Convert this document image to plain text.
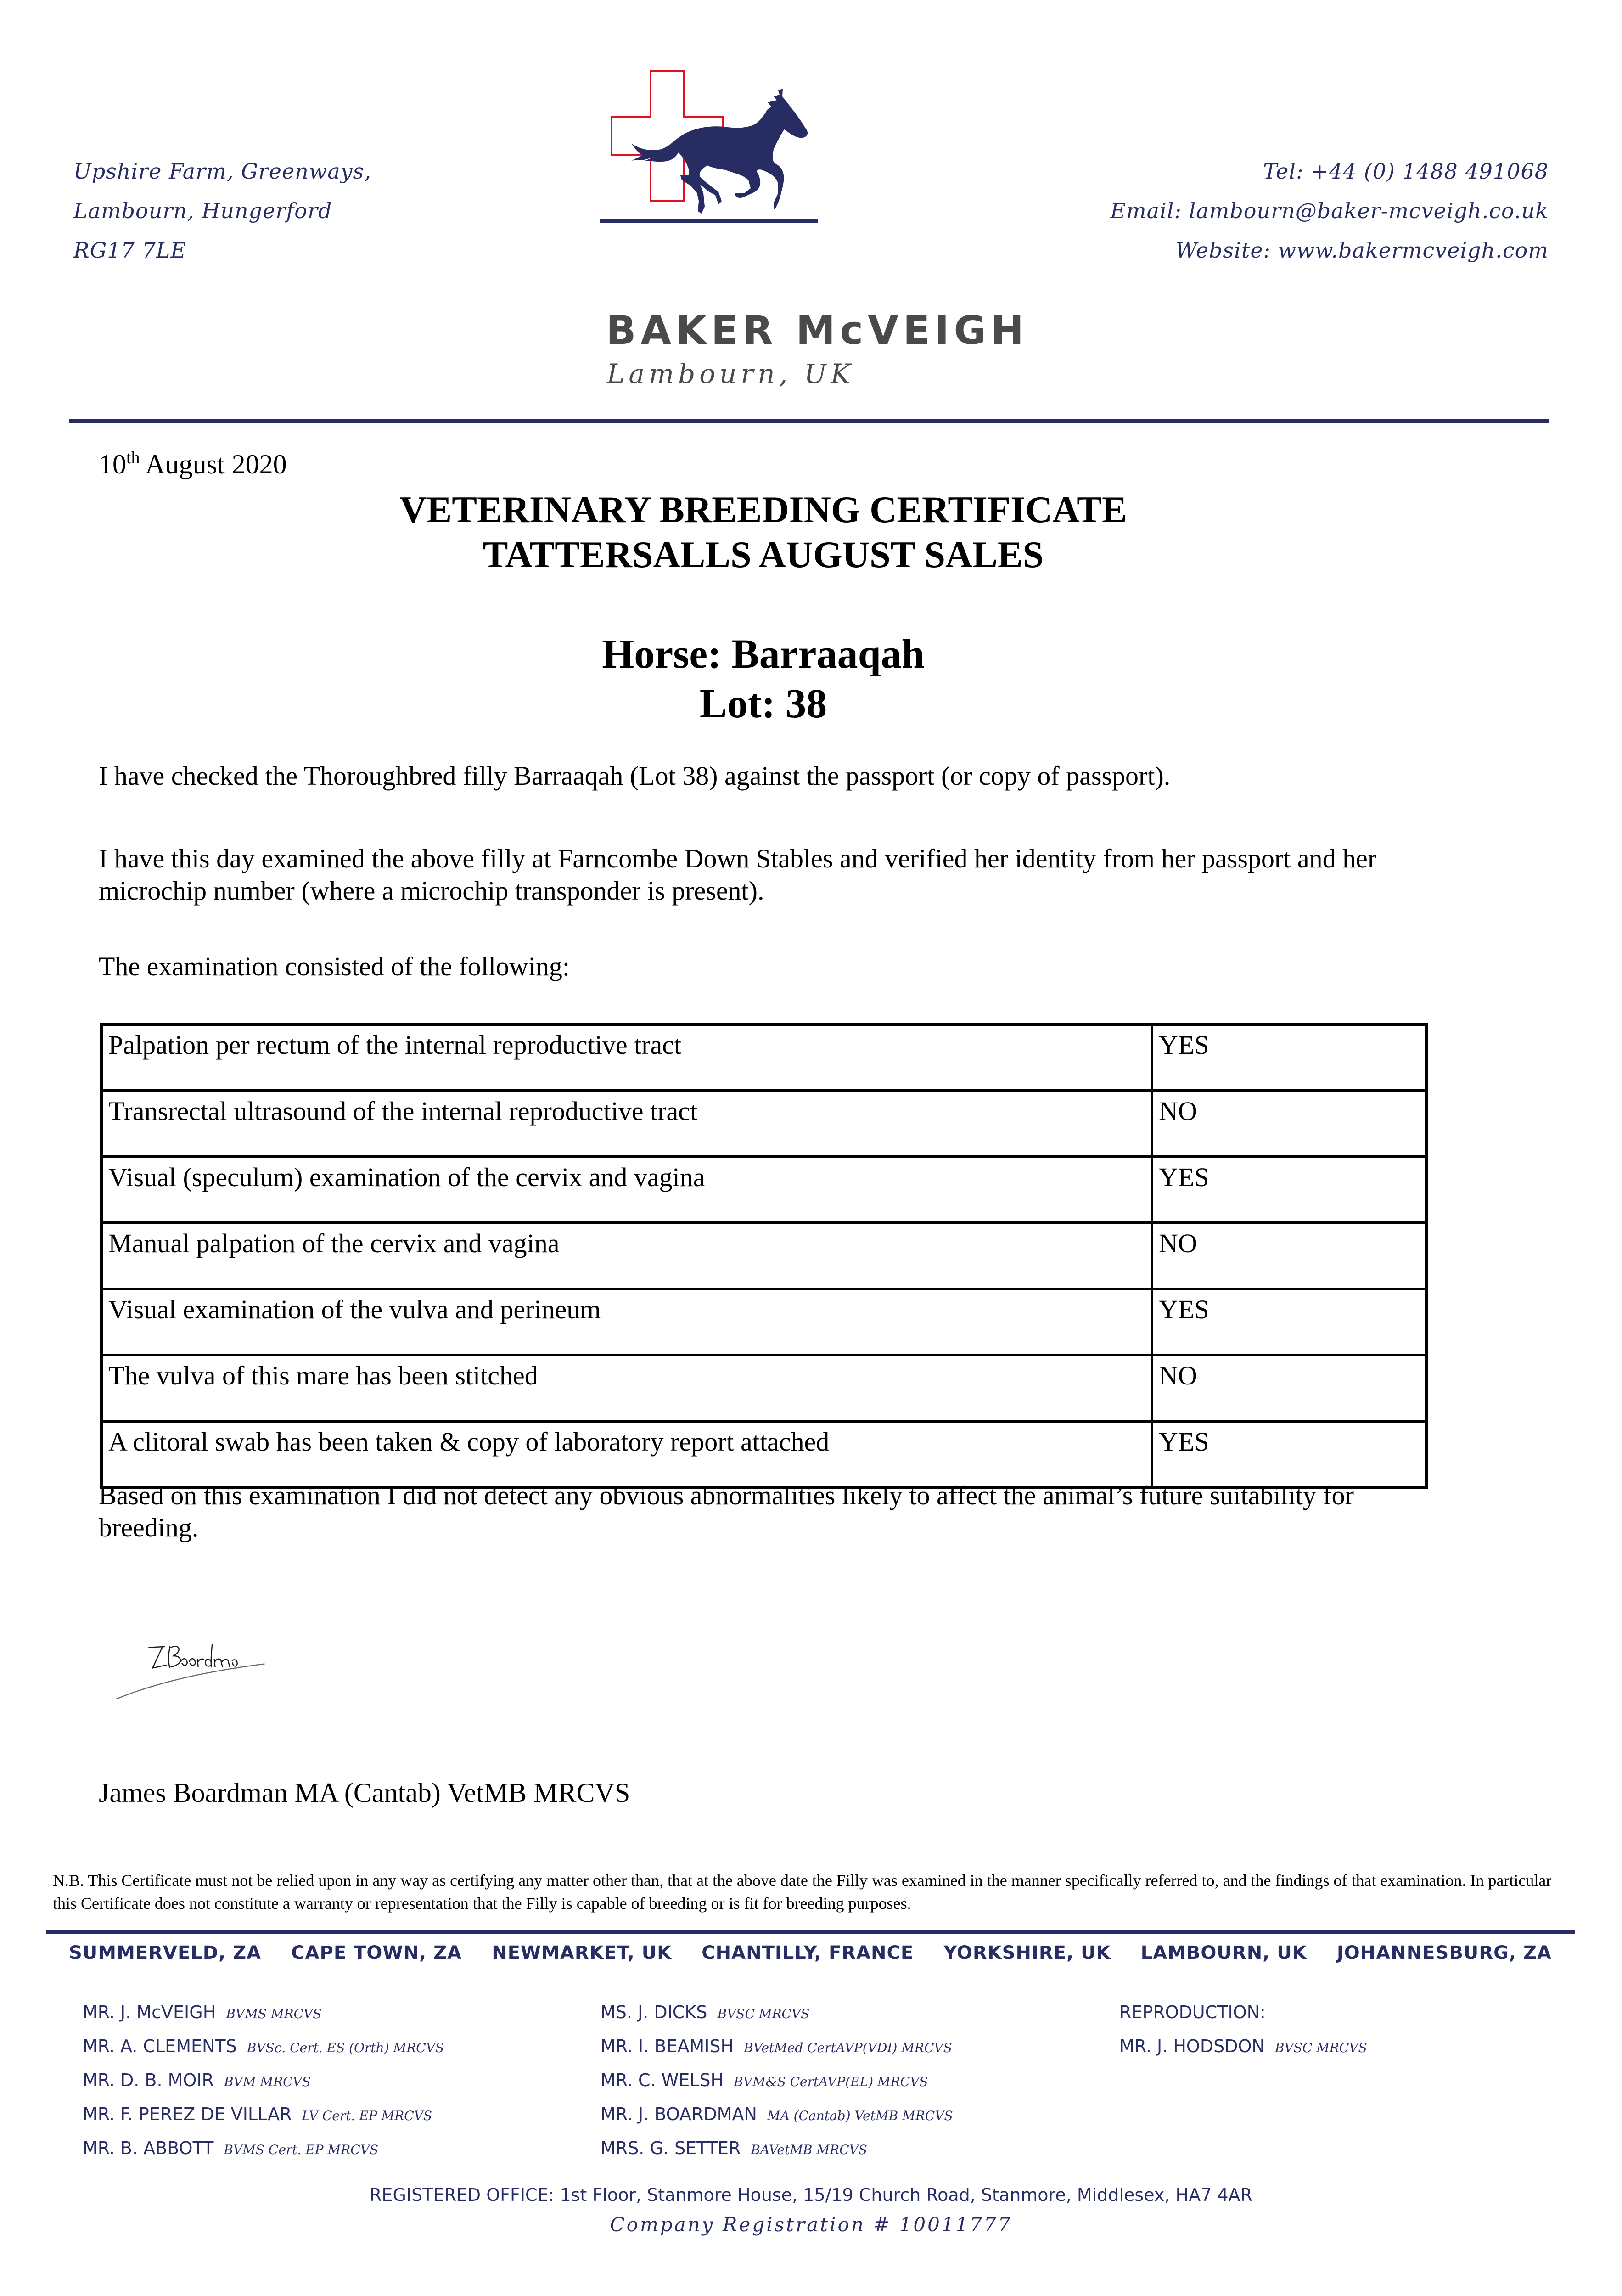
Upshire Farm, Greenways,
Lambourn, Hungerford
RG17 7LE
BAKER McVEIGH
Lambourn, UK
Tel: +44 (0) 1488 491068
Email: lambourn@baker-mcveigh.co.uk
Website: www.bakermcveigh.com
10th August 2020
VETERINARY BREEDING CERTIFICATE
TATTERSALLS AUGUST SALES
Horse: Barraaqah
Lot: 38
I have checked the Thoroughbred filly Barraaqah (Lot 38) against the passport (or copy of passport).
I have this day examined the above filly at Farncombe Down Stables and verified her identity from her passport and her microchip number (where a microchip transponder is present).
The examination consisted of the following:
Palpation per rectum of the internal reproductive tract	YES
Transrectal ultrasound of the internal reproductive tract	NO
Visual (speculum) examination of the cervix and vagina	YES
Manual palpation of the cervix and vagina	NO
Visual examination of the vulva and perineum	YES
The vulva of this mare has been stitched	NO
A clitoral swab has been taken & copy of laboratory report attached	YES
Based on this examination I did not detect any obvious abnormalities likely to affect the animal’s future suitability for breeding.
James Boardman MA (Cantab) VetMB MRCVS
N.B. This Certificate must not be relied upon in any way as certifying any matter other than, that at the above date the Filly was examined in the manner specifically referred to, and the findings of that examination. In particular this Certificate does not constitute a warranty or representation that the Filly is capable of breeding or is fit for breeding purposes.
SUMMERVELD, ZA CAPE TOWN, ZA NEWMARKET, UK CHANTILLY, FRANCE YORKSHIRE, UK LAMBOURN, UK JOHANNESBURG, ZA
MR. J. McVEIGH BVMS MRCVS
MR. A. CLEMENTS BVSc. Cert. ES (Orth) MRCVS
MR. D. B. MOIR BVM MRCVS
MR. F. PEREZ DE VILLAR LV Cert. EP MRCVS
MR. B. ABBOTT BVMS Cert. EP MRCVS
MS. J. DICKS BVSC MRCVS
MR. I. BEAMISH BVetMed CertAVP(VDI) MRCVS
MR. C. WELSH BVM&S CertAVP(EL) MRCVS
MR. J. BOARDMAN MA (Cantab) VetMB MRCVS
MRS. G. SETTER BAVetMB MRCVS
REPRODUCTION:
MR. J. HODSDON BVSC MRCVS
REGISTERED OFFICE: 1st Floor, Stanmore House, 15/19 Church Road, Stanmore, Middlesex, HA7 4AR
Company Registration # 10011777
